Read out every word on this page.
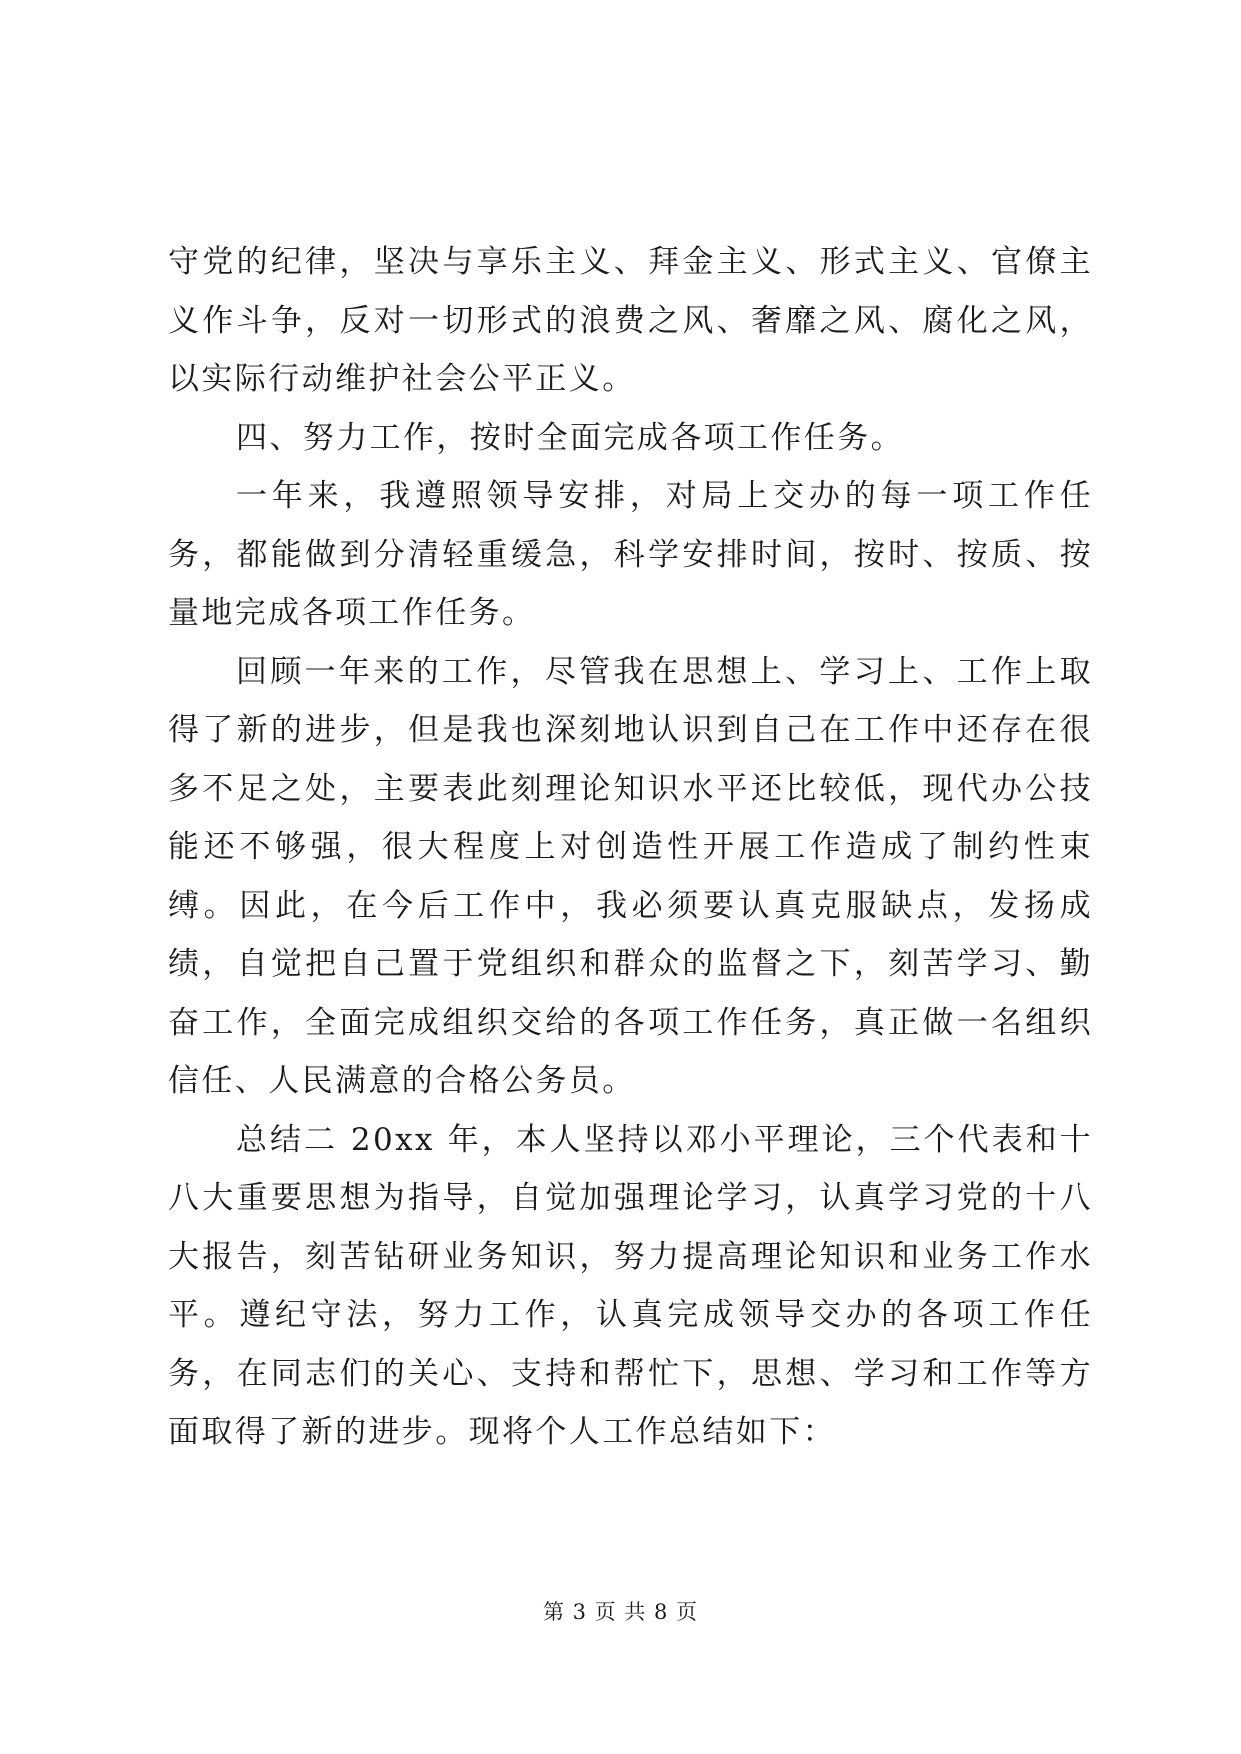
守党的纪律，坚决与享乐主义、拜金主义、形式主义、官僚主义作斗争，反对一切形式的浪费之风、奢靡之风、腐化之风，以实际行动维护社会公平正义。

四、努力工作，按时全面完成各项工作任务。

一年来，我遵照领导安排，对局上交办的每一项工作任务，都能做到分清轻重缓急，科学安排时间，按时、按质、按量地完成各项工作任务。

回顾一年来的工作，尽管我在思想上、学习上、工作上取得了新的进步，但是我也深刻地认识到自己在工作中还存在很多不足之处，主要表此刻理论知识水平还比较低，现代办公技能还不够强，很大程度上对创造性开展工作造成了制约性束缚。因此，在今后工作中，我必须要认真克服缺点，发扬成绩，自觉把自己置于党组织和群众的监督之下，刻苦学习、勤奋工作，全面完成组织交给的各项工作任务，真正做一名组织信任、人民满意的合格公务员。

总结二 20xx 年，本人坚持以邓小平理论，三个代表和十八大重要思想为指导，自觉加强理论学习，认真学习党的十八大报告，刻苦钻研业务知识，努力提高理论知识和业务工作水平。遵纪守法，努力工作，认真完成领导交办的各项工作任务，在同志们的关心、支持和帮忙下，思想、学习和工作等方面取得了新的进步。现将个人工作总结如下：

第 3 页 共 8 页
